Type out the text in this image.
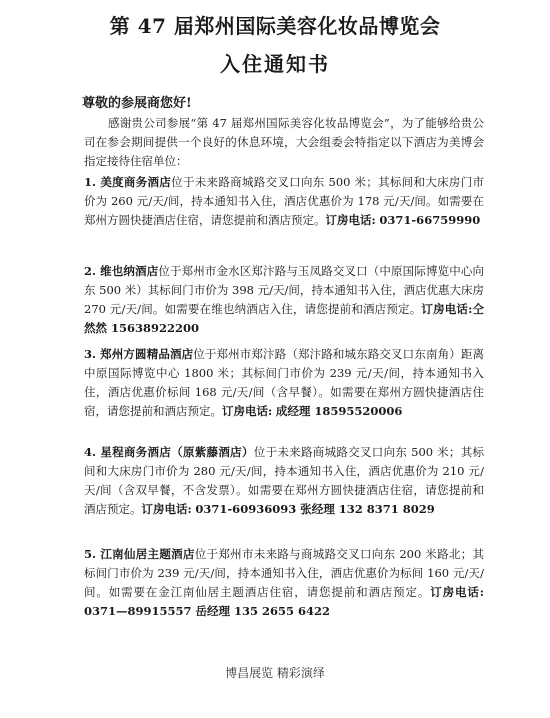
第 47 届郑州国际美容化妆品博览会
入住通知书
尊敬的参展商您好!
感谢贵公司参展“第 47 届郑州国际美容化妆品博览会”，为了能够给贵公司在参会期间提供一个良好的休息环境，大会组委会特指定以下酒店为美博会指定接待住宿单位：
1. 美度商务酒店位于未来路商城路交叉口向东 500 米；其标间和大床房门市价为 260 元/天/间，持本通知书入住，酒店优惠价为 178 元/天/间。如需要在郑州方圆快捷酒店住宿，请您提前和酒店预定。订房电话: 0371-66759990
2. 维也纳酒店位于郑州市金水区郑汴路与玉凤路交叉口（中原国际博览中心向东 500 米）其标间门市价为 398 元/天/间，持本通知书入住，酒店优惠大床房 270 元/天/间。如需要在维也纳酒店入住，请您提前和酒店预定。订房电话:仝然然 15638922200
3. 郑州方圆精品酒店位于郑州市郑汴路（郑汴路和城东路交叉口东南角）距离中原国际博览中心 1800 米；其标间门市价为 239 元/天/间，持本通知书入住，酒店优惠价标间 168 元/天/间（含早餐）。如需要在郑州方圆快捷酒店住宿，请您提前和酒店预定。订房电话: 成经理 18595520006
4. 星程商务酒店（原紫藤酒店）位于未来路商城路交叉口向东 500 米；其标间和大床房门市价为 280 元/天/间，持本通知书入住，酒店优惠价为 210 元/天/间（含双早餐，不含发票）。如需要在郑州方圆快捷酒店住宿，请您提前和酒店预定。订房电话: 0371-60936093 张经理 132 8371 8029
5. 江南仙居主题酒店位于郑州市未来路与商城路交叉口向东 200 米路北；其标间门市价为 239 元/天/间，持本通知书入住，酒店优惠价为标间 160 元/天/间。如需要在金江南仙居主题酒店住宿，请您提前和酒店预定。订房电话: 0371—89915557 岳经理 135 2655 6422
博昌展览 精彩演绎
